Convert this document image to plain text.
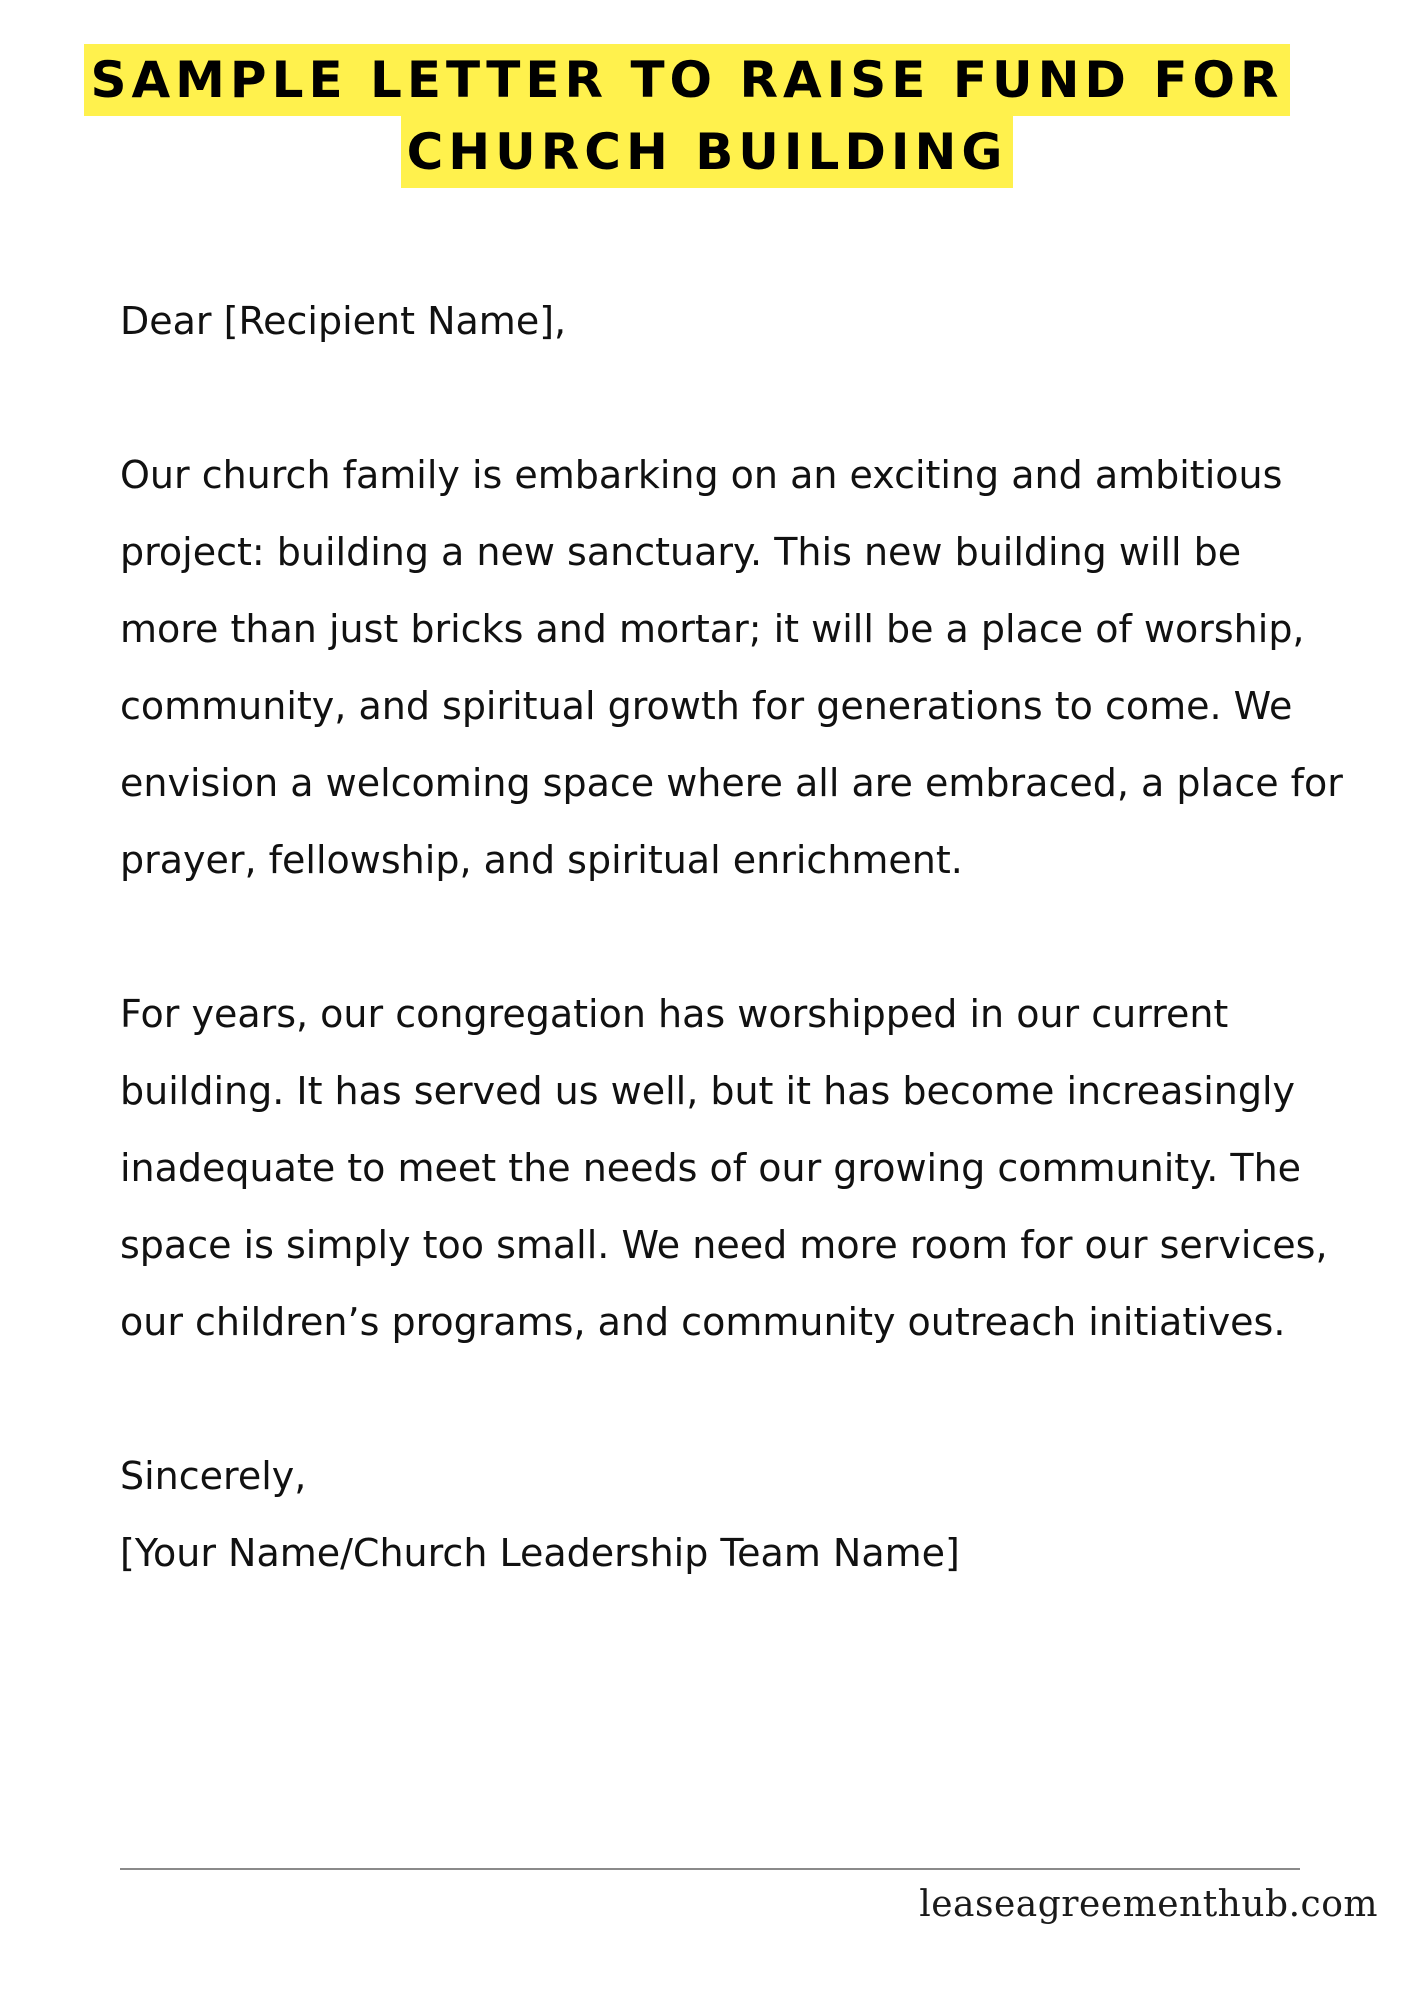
SAMPLE LETTER TO RAISE FUND FOR
CHURCH BUILDING

Dear [Recipient Name],

Our church family is embarking on an exciting and ambitious project: building a new sanctuary. This new building will be more than just bricks and mortar; it will be a place of worship, community, and spiritual growth for generations to come. We envision a welcoming space where all are embraced, a place for prayer, fellowship, and spiritual enrichment.

For years, our congregation has worshipped in our current building. It has served us well, but it has become increasingly inadequate to meet the needs of our growing community. The space is simply too small. We need more room for our services, our children’s programs, and community outreach initiatives.

Sincerely,

[Your Name/Church Leadership Team Name]

leaseagreementhub.com
